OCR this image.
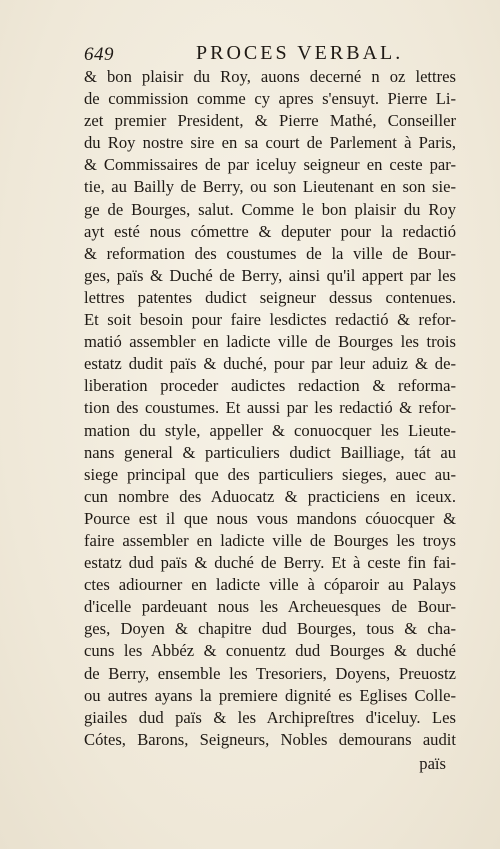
649	PROCES VERBAL.
& bon plaisir du Roy, auons decerné n oz lettres
de commission comme cy apres s'ensuyt. Pierre Li-
zet premier President, & Pierre Mathé, Conseiller
du Roy nostre sire en sa court de Parlement à Paris,
& Commissaires de par iceluy seigneur en ceste par-
tie, au Bailly de Berry, ou son Lieutenant en son sie-
ge de Bourges, salut. Comme le bon plaisir du Roy
ayt esté nous cómettre & deputer pour la redactió
& reformation des coustumes de la ville de Bour-
ges, païs & Duché de Berry, ainsi qu'il appert par les
lettres patentes dudict seigneur dessus contenues.
Et soit besoin pour faire lesdictes redactió & refor-
matió assembler en ladicte ville de Bourges les trois
estatz dudit païs & duché, pour par leur aduiz & de-
liberation proceder audictes redaction & reforma-
tion des coustumes. Et aussi par les redactió & refor-
mation du stylе, appeller & conuocquer les Lieute-
nans general & particuliers dudict Bailliage, tát au
siege principal que des particuliers sieges, auec au-
cun nombre des Aduocatz & practiciens en iceux.
Pource est il que nous vous mandons cóuocquer &
faire assembler en ladicte ville de Bourges les troys
estatz dud païs & duché de Berry. Et à ceste fin fai-
ctes adiourner en ladicte ville à cóparoir au Palays
d'icelle pardeuant nous les Archeuesques de Bour-
ges, Doyen & chapitre dud Bourges, tous & cha-
cuns les Abbéz & conuentz dud Bourges & duché
de Berry, ensemble les Tresoriers, Doyens, Preuostz
ou autres ayans la premiere dignité es Eglises Colle-
giailes dud païs & les Archipreſtres d'iceluy. Les
Cótes, Barons, Seigneurs, Nobles demourans audit
païs
